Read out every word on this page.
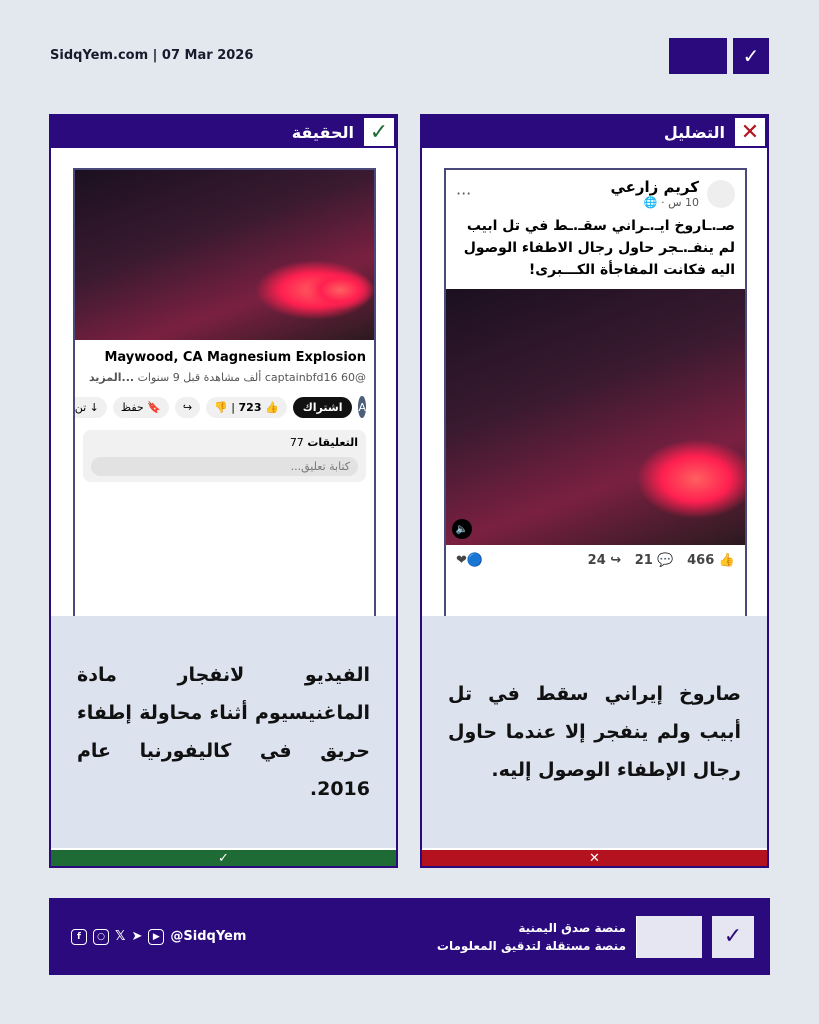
SidqYem.com | 07 Mar 2026	✓
الحقيقة ✓
Maywood, CA Magnesium Explosion
@captainbfd16 60 ألف مشاهدة قبل 9 سنوات ...المزيد
A
اشتراك
👍 723 | 👎
↪
🔖 حفظ
↓ تن
التعليقات 77
كتابة تعليق...
الفيديو لانفجار مادة الماغنيسيوم أثناء محاولة إطفاء حريق في كاليفورنيا عام 2016.
✓
التضليل ✕
كريم زارعي
10 س · 🌐
···
صـ.ـاروخ ايـ.ـراني سقـ.ـط في تل ابيب لم ينفـ.ـجر حاول رجال الاطفاء الوصول اليه فكانت المفاجأة الكـــبرى!
🔈
❤🔵	24 ↪   21 💬   466 👍
صاروخ إيراني سقط في تل أبيب ولم ينفجر إلا عندما حاول رجال الإطفاء الوصول إليه.
✕
f	○ 𝕏 ➤	▶ @SidqYem
منصة صدق اليمنية
منصة مستقلة لتدقيق المعلومات	✓
